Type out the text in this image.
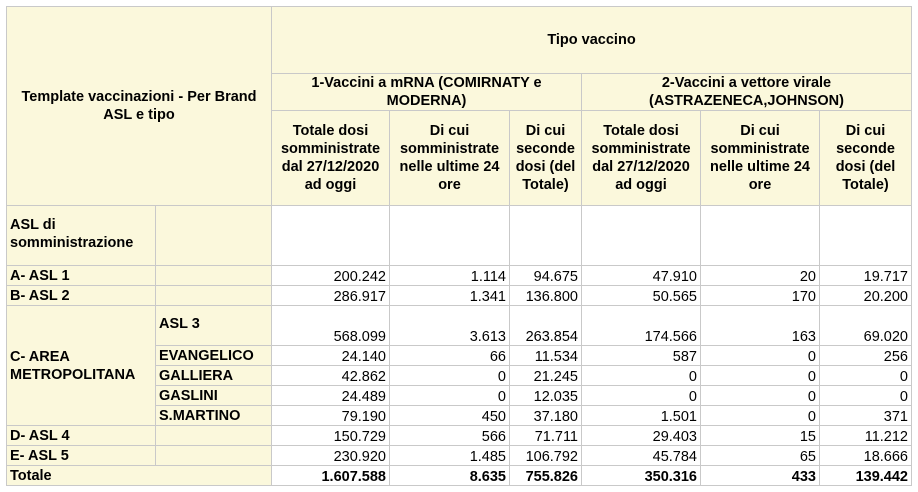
Template vaccinazioni - Per Brand ASL e tipo		Tipo vaccino					
		1-Vaccini a mRNA (COMIRNATY e MODERNA)			2-Vaccini a vettore virale (ASTRAZENECA,JOHNSON)		
		Totale dosi somministrate dal 27/12/2020 ad oggi	Di cui somministrate nelle ultime 24 ore	Di cui seconde dosi (del Totale)	Totale dosi somministrate dal 27/12/2020 ad oggi	Di cui somministrate nelle ultime 24 ore	Di cui seconde dosi (del Totale)
ASL di somministrazione							
A- ASL 1		200.242	1.114	94.675	47.910	20	19.717
B- ASL 2		286.917	1.341	136.800	50.565	170	20.200
C- AREA METROPOLITANA	ASL 3	568.099	3.613	263.854	174.566	163	69.020
	EVANGELICO	24.140	66	11.534	587	0	256
	GALLIERA	42.862	0	21.245	0	0	0
	GASLINI	24.489	0	12.035	0	0	0
	S.MARTINO	79.190	450	37.180	1.501	0	371
D- ASL 4		150.729	566	71.711	29.403	15	11.212
E- ASL 5		230.920	1.485	106.792	45.784	65	18.666
Totale		1.607.588	8.635	755.826	350.316	433	139.442
